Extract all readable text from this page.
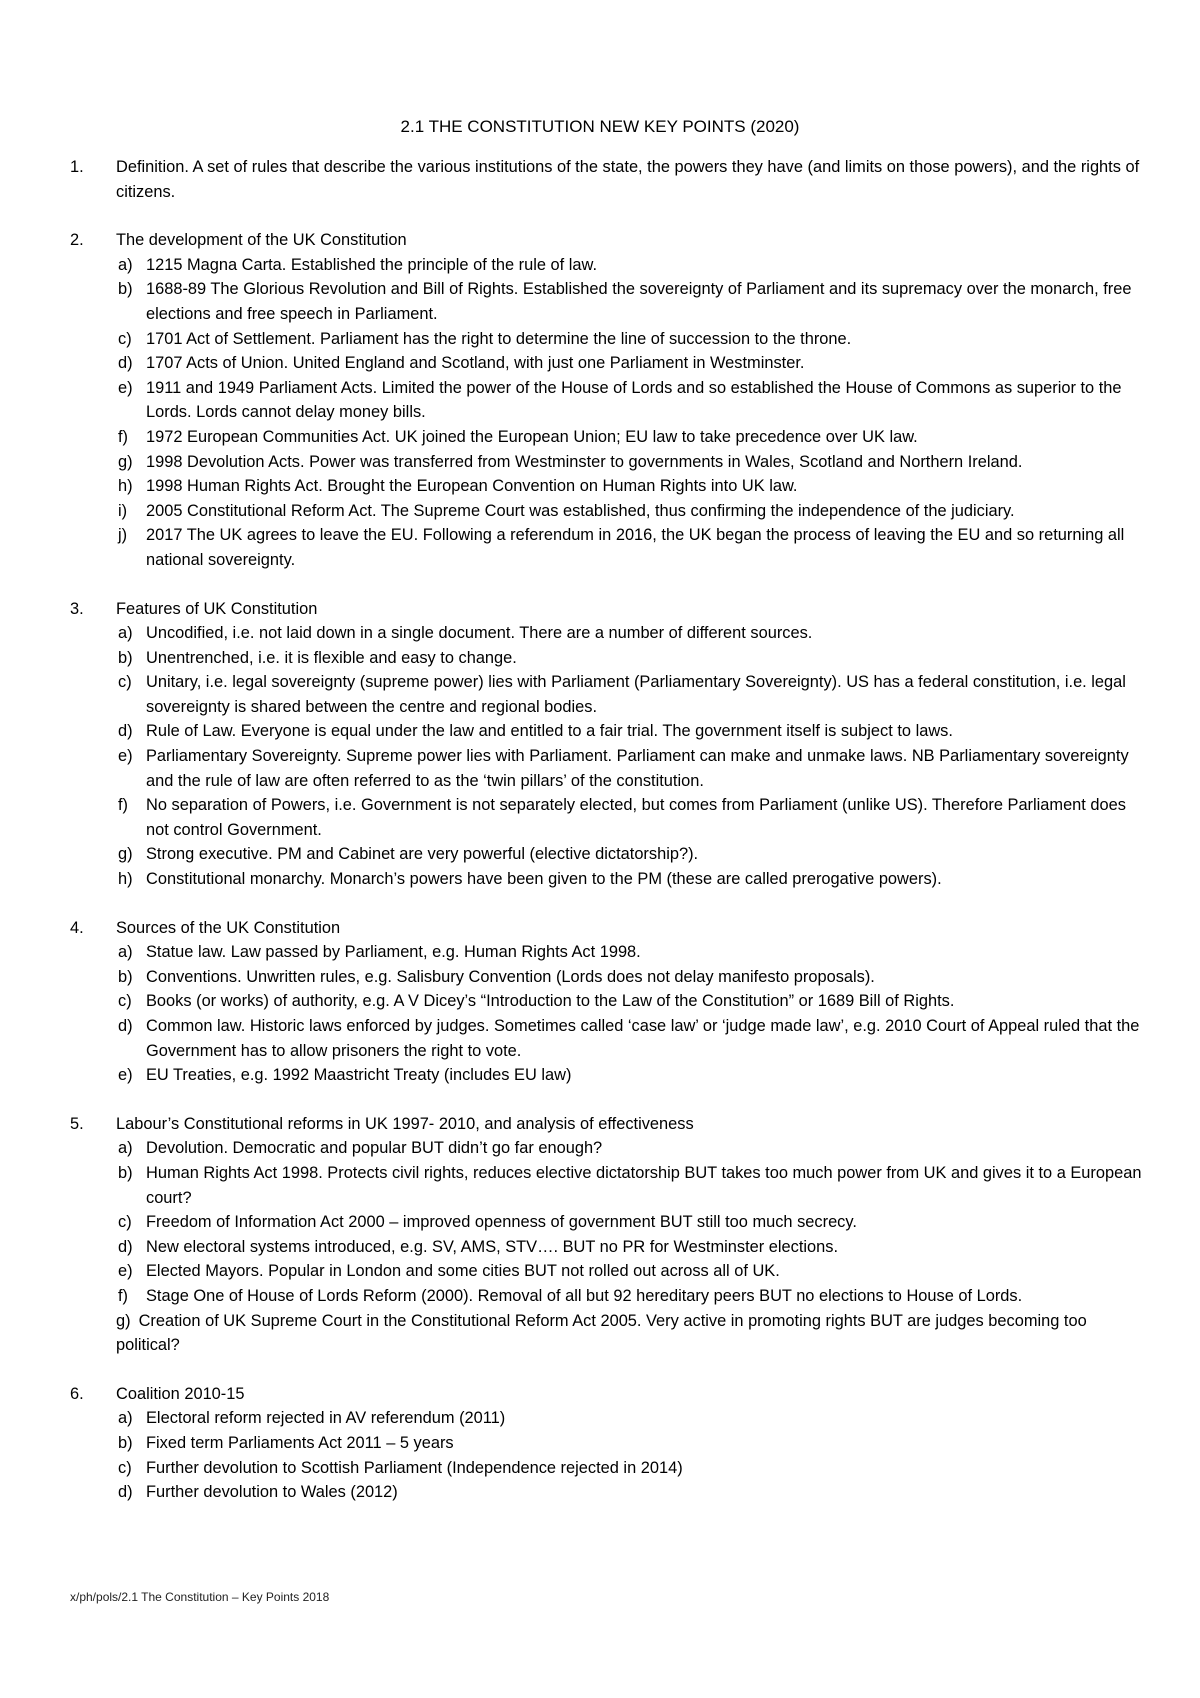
2.1 THE CONSTITUTION NEW KEY POINTS (2020)
1.	Definition. A set of rules that describe the various institutions of the state, the powers they have (and limits on those powers), and the rights of citizens.
2.	The development of the UK Constitution
a) 1215 Magna Carta. Established the principle of the rule of law.
b) 1688-89 The Glorious Revolution and Bill of Rights. Established the sovereignty of Parliament and its supremacy over the monarch, free elections and free speech in Parliament.
c) 1701 Act of Settlement. Parliament has the right to determine the line of succession to the throne.
d) 1707 Acts of Union. United England and Scotland, with just one Parliament in Westminster.
e) 1911 and 1949 Parliament Acts. Limited the power of the House of Lords and so established the House of Commons as superior to the Lords. Lords cannot delay money bills.
f) 1972 European Communities Act. UK joined the European Union; EU law to take precedence over UK law.
g) 1998 Devolution Acts. Power was transferred from Westminster to governments in Wales, Scotland and Northern Ireland.
h) 1998 Human Rights Act. Brought the European Convention on Human Rights into UK law.
i) 2005 Constitutional Reform Act. The Supreme Court was established, thus confirming the independence of the judiciary.
j) 2017 The UK agrees to leave the EU. Following a referendum in 2016, the UK began the process of leaving the EU and so returning all national sovereignty.
3.	Features of UK Constitution
a) Uncodified, i.e. not laid down in a single document. There are a number of different sources.
b) Unentrenched, i.e. it is flexible and easy to change.
c) Unitary, i.e. legal sovereignty (supreme power) lies with Parliament (Parliamentary Sovereignty). US has a federal constitution, i.e. legal sovereignty is shared between the centre and regional bodies.
d) Rule of Law. Everyone is equal under the law and entitled to a fair trial. The government itself is subject to laws.
e) Parliamentary Sovereignty. Supreme power lies with Parliament. Parliament can make and unmake laws. NB Parliamentary sovereignty and the rule of law are often referred to as the ‘twin pillars’ of the constitution.
f) No separation of Powers, i.e. Government is not separately elected, but comes from Parliament (unlike US). Therefore Parliament does not control Government.
g) Strong executive. PM and Cabinet are very powerful (elective dictatorship?).
h) Constitutional monarchy. Monarch’s powers have been given to the PM (these are called prerogative powers).
4.	Sources of the UK Constitution
a) Statue law. Law passed by Parliament, e.g. Human Rights Act 1998.
b) Conventions. Unwritten rules, e.g. Salisbury Convention (Lords does not delay manifesto proposals).
c) Books (or works) of authority, e.g. A V Dicey’s “Introduction to the Law of the Constitution” or 1689 Bill of Rights.
d) Common law. Historic laws enforced by judges. Sometimes called ‘case law’ or ‘judge made law’, e.g. 2010 Court of Appeal ruled that the Government has to allow prisoners the right to vote.
e) EU Treaties, e.g. 1992 Maastricht Treaty (includes EU law)
5.	Labour’s Constitutional reforms in UK 1997- 2010, and analysis of effectiveness
a) Devolution. Democratic and popular BUT didn’t go far enough?
b) Human Rights Act 1998. Protects civil rights, reduces elective dictatorship BUT takes too much power from UK and gives it to a European court?
c) Freedom of Information Act 2000 – improved openness of government BUT still too much secrecy.
d) New electoral systems introduced, e.g. SV, AMS, STV…. BUT no PR for Westminster elections.
e) Elected Mayors. Popular in London and some cities BUT not rolled out across all of UK.
f) Stage One of House of Lords Reform (2000). Removal of all but 92 hereditary peers BUT no elections to House of Lords.
g) Creation of UK Supreme Court in the Constitutional Reform Act 2005. Very active in promoting rights BUT are judges becoming too political?
6.	Coalition 2010-15
a) Electoral reform rejected in AV referendum (2011)
b) Fixed term Parliaments Act 2011 – 5 years
c) Further devolution to Scottish Parliament (Independence rejected in 2014)
d) Further devolution to Wales (2012)
x/ph/pols/2.1 The Constitution – Key Points 2018
